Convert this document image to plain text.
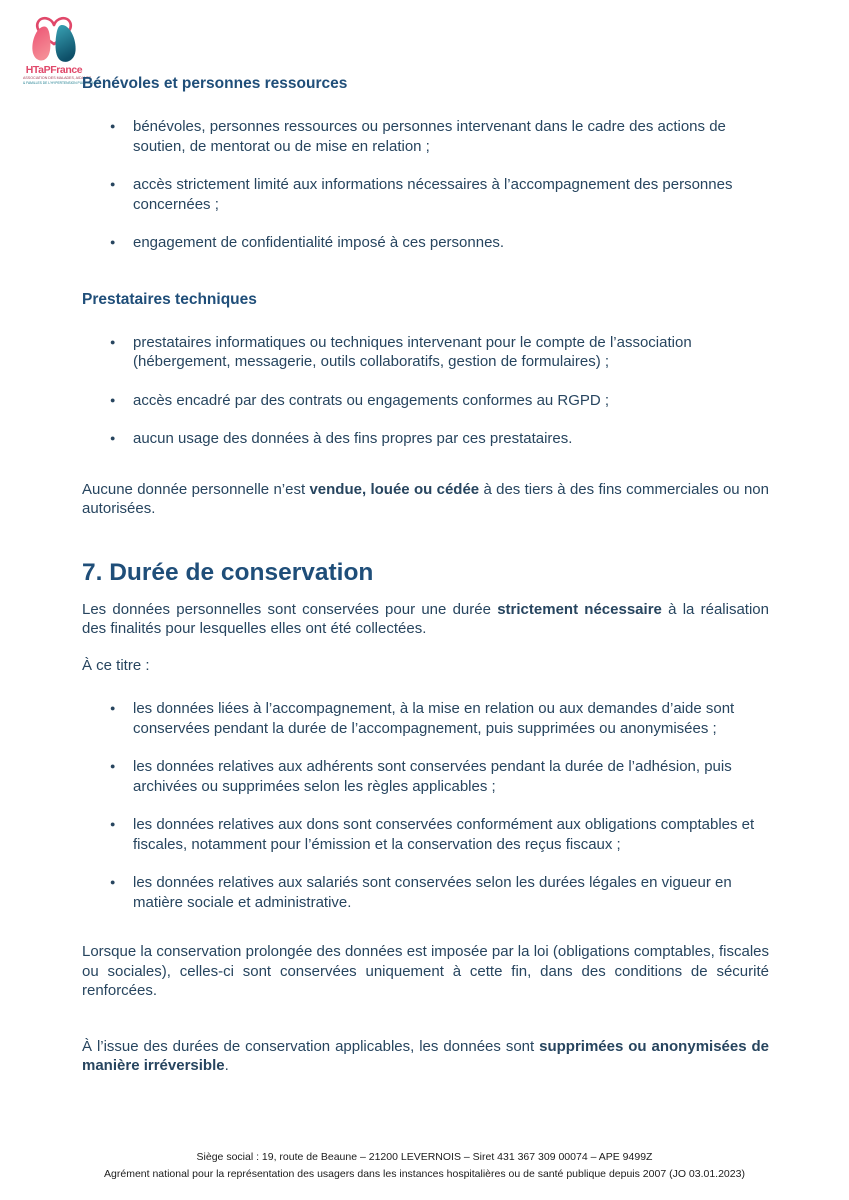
HTaPFrance
ASSOCIATION DES MALADES, AIDANTS
& FAMILLES DE L’HYPERTENSION PULMONAIRE
Bénévoles et personnes ressources
●	bénévoles, personnes ressources ou personnes intervenant dans le cadre des actions de soutien, de mentorat ou de mise en relation ;
●	accès strictement limité aux informations nécessaires à l’accompagnement des personnes concernées ;
●	engagement de confidentialité imposé à ces personnes.
Prestataires techniques
●	prestataires informatiques ou techniques intervenant pour le compte de l’association (hébergement, messagerie, outils collaboratifs, gestion de formulaires) ;
●	accès encadré par des contrats ou engagements conformes au RGPD ;
●	aucun usage des données à des fins propres par ces prestataires.

Aucune donnée personnelle n’est vendue, louée ou cédée à des tiers à des fins commerciales ou non autorisées.

7. Durée de conservation

Les données personnelles sont conservées pour une durée strictement nécessaire à la réalisation des finalités pour lesquelles elles ont été collectées.

À ce titre :

●	les données liées à l’accompagnement, à la mise en relation ou aux demandes d’aide sont conservées pendant la durée de l’accompagnement, puis supprimées ou anonymisées ;
●	les données relatives aux adhérents sont conservées pendant la durée de l’adhésion, puis archivées ou supprimées selon les règles applicables ;
●	les données relatives aux dons sont conservées conformément aux obligations comptables et fiscales, notamment pour l’émission et la conservation des reçus fiscaux ;
●	les données relatives aux salariés sont conservées selon les durées légales en vigueur en matière sociale et administrative.

Lorsque la conservation prolongée des données est imposée par la loi (obligations comptables, fiscales ou sociales), celles-ci sont conservées uniquement à cette fin, dans des conditions de sécurité renforcées.

À l’issue des durées de conservation applicables, les données sont supprimées ou anonymisées de manière irréversible.

Siège social : 19, route de Beaune – 21200 LEVERNOIS – Siret 431 367 309 00074 – APE 9499Z
Agrément national pour la représentation des usagers dans les instances hospitalières ou de santé publique depuis 2007 (JO 03.01.2023)
